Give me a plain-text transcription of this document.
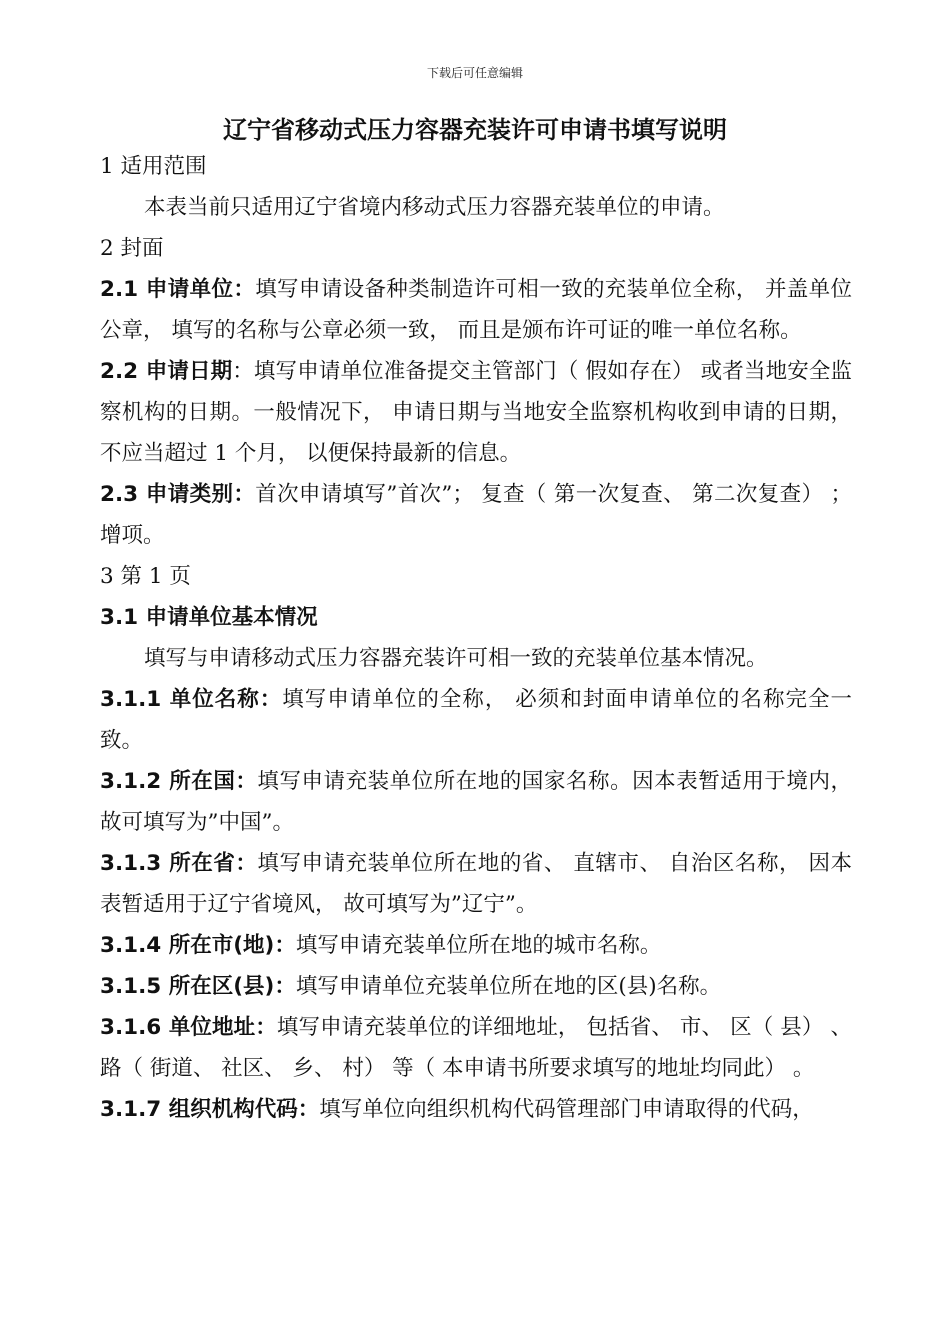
下载后可任意编辑
辽宁省移动式压力容器充装许可申请书填写说明

1 适用范围

本表当前只适用辽宁省境内移动式压力容器充装单位的申请。

2 封面

2.1 申请单位：填写申请设备种类制造许可相一致的充装单位全称， 并盖单位公章， 填写的名称与公章必须一致， 而且是颁布许可证的唯一单位名称。

2.2 申请日期：填写申请单位准备提交主管部门（ 假如存在） 或者当地安全监察机构的日期。一般情况下， 申请日期与当地安全监察机构收到申请的日期， 不应当超过 1 个月， 以便保持最新的信息。

2.3 申请类别：首次申请填写”首次”； 复查（ 第一次复查、 第二次复查） ； 增项。

3 第 1 页

3.1 申请单位基本情况

填写与申请移动式压力容器充装许可相一致的充装单位基本情况。

3.1.1 单位名称：填写申请单位的全称， 必须和封面申请单位的名称完全一致。

3.1.2 所在国：填写申请充装单位所在地的国家名称。因本表暂适用于境内， 故可填写为”中国”。

3.1.3 所在省：填写申请充装单位所在地的省、 直辖市、 自治区名称， 因本表暂适用于辽宁省境风， 故可填写为”辽宁”。

3.1.4 所在市(地)：填写申请充装单位所在地的城市名称。

3.1.5 所在区(县)：填写申请单位充装单位所在地的区(县)名称。

3.1.6 单位地址：填写申请充装单位的详细地址， 包括省、 市、 区（ 县） 、 路（ 街道、 社区、 乡、 村） 等（ 本申请书所要求填写的地址均同此） 。

3.1.7 组织机构代码：填写单位向组织机构代码管理部门申请取得的代码，
